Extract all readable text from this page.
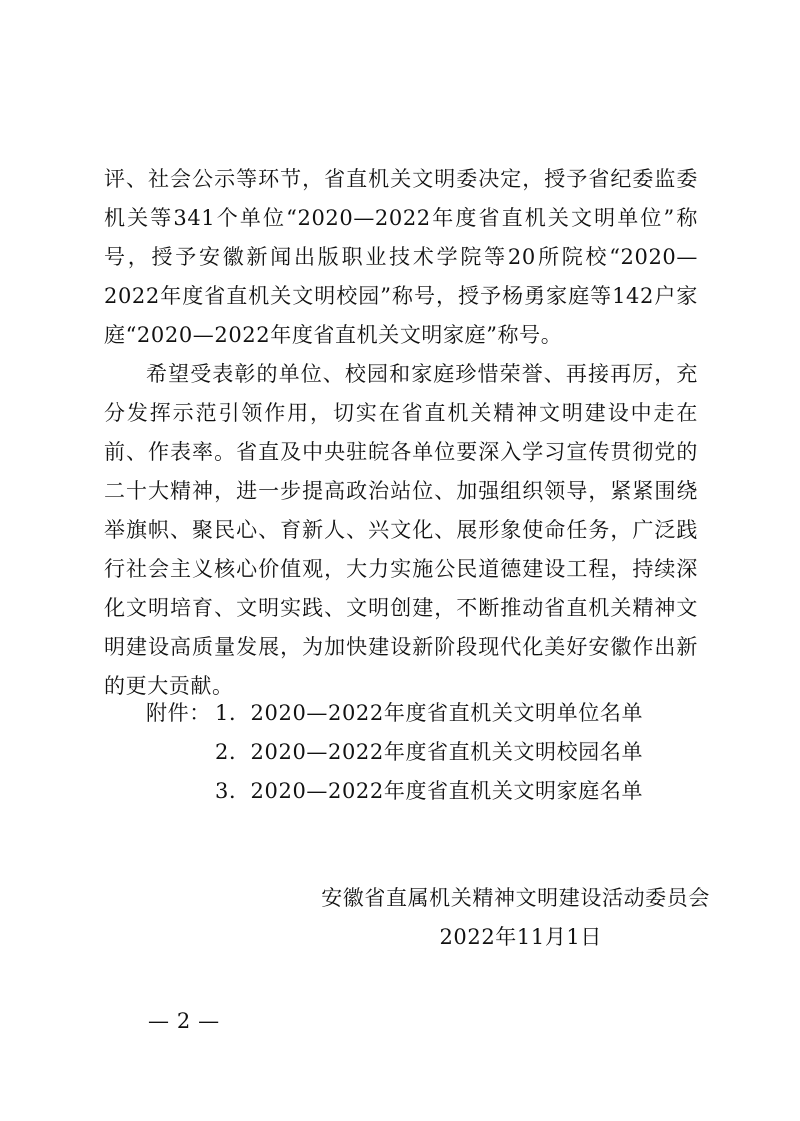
评、社会公示等环节，省直机关文明委决定，授予省纪委监委机关等341个单位“2020—2022年度省直机关文明单位”称号，授予安徽新闻出版职业技术学院等20所院校“2020—2022年度省直机关文明校园”称号，授予杨勇家庭等142户家庭“2020—2022年度省直机关文明家庭”称号。

希望受表彰的单位、校园和家庭珍惜荣誉、再接再厉，充分发挥示范引领作用，切实在省直机关精神文明建设中走在前、作表率。省直及中央驻皖各单位要深入学习宣传贯彻党的二十大精神，进一步提高政治站位、加强组织领导，紧紧围绕举旗帜、聚民心、育新人、兴文化、展形象使命任务，广泛践行社会主义核心价值观，大力实施公民道德建设工程，持续深化文明培育、文明实践、文明创建，不断推动省直机关精神文明建设高质量发展，为加快建设新阶段现代化美好安徽作出新的更大贡献。

附件： 1．2020—2022年度省直机关文明单位名单
2．2020—2022年度省直机关文明校园名单
3．2020—2022年度省直机关文明家庭名单
安徽省直属机关精神文明建设活动委员会
2022年11月1日
— 2 —
